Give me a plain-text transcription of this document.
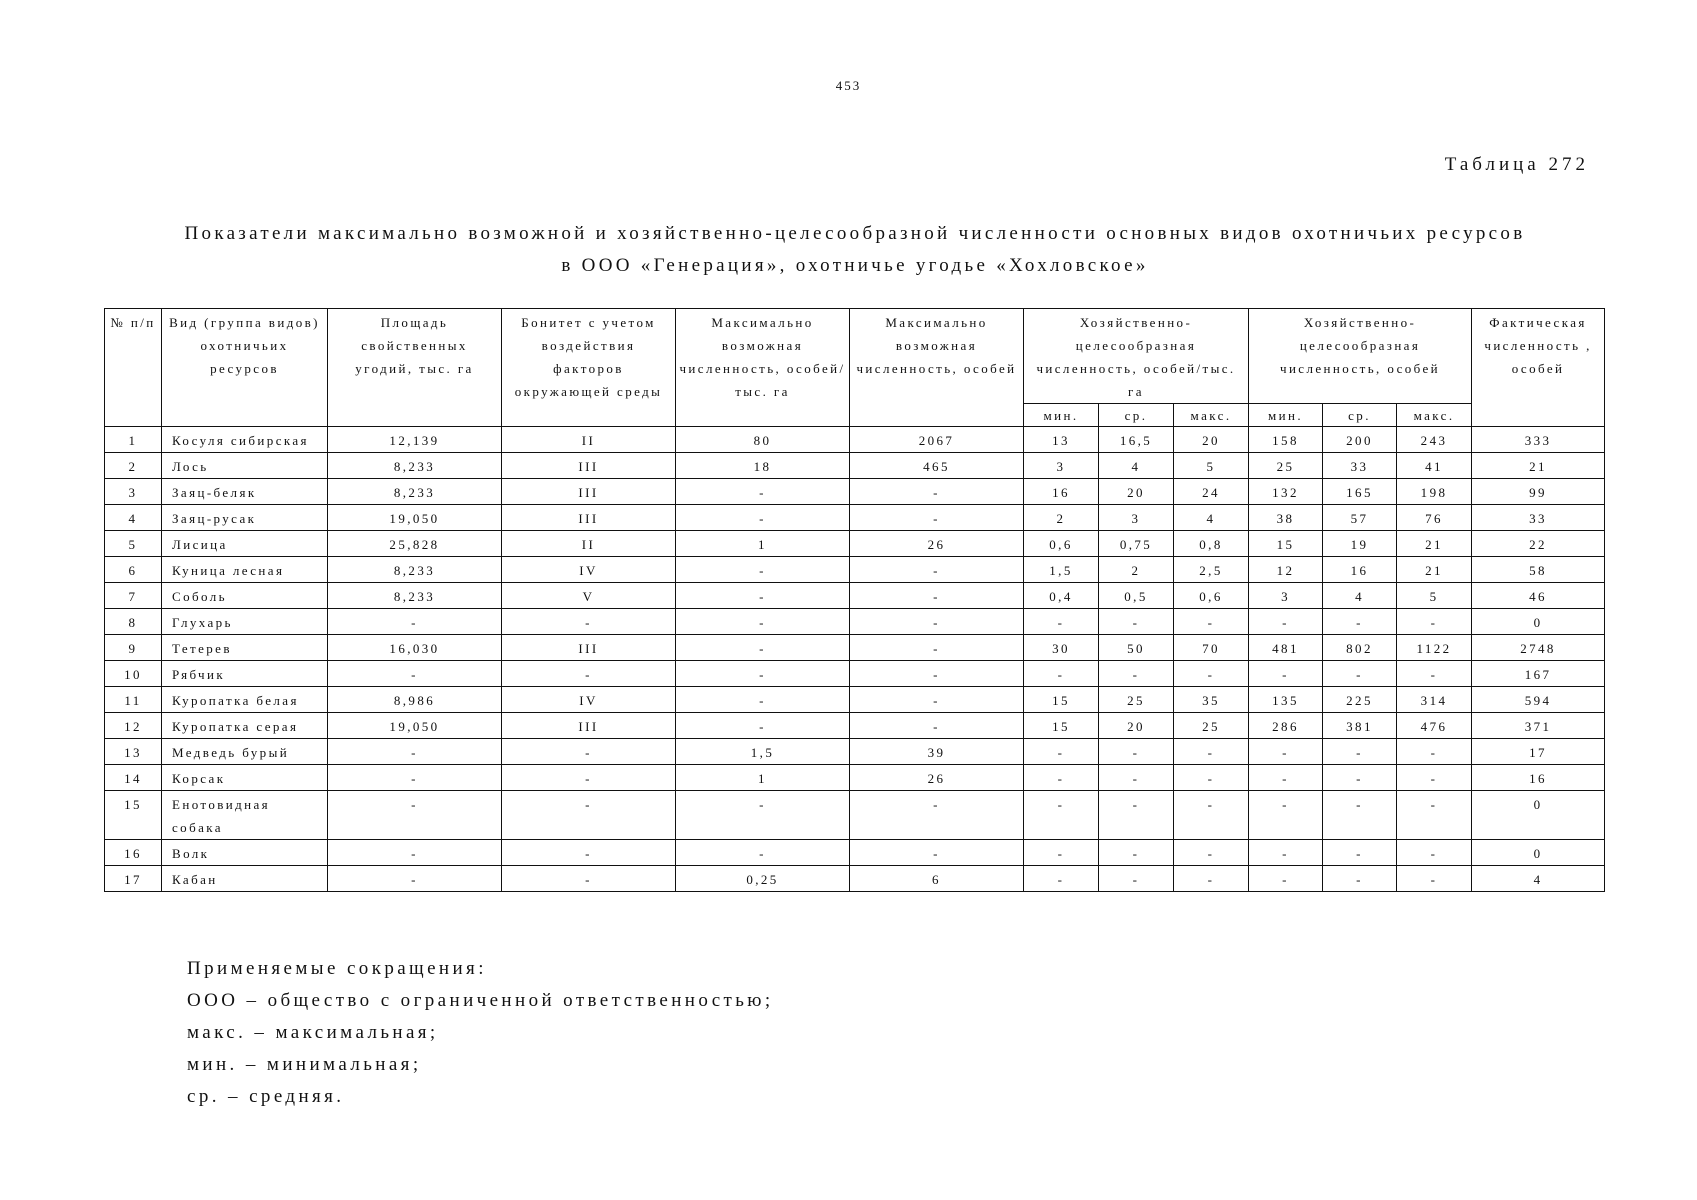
453
Таблица 272
Показатели максимально возможной и хозяйственно-целесообразной численности основных видов охотничьих ресурсов
в ООО «Генерация», охотничье угодье «Хохловское»
№ п/п	Вид (группа видов) охотничьих ресурсов	Площадь свойственных угодий, тыс. га	Бонитет с учетом воздействия факторов окружающей среды	Максимально возможная численность, особей/тыс. га	Максимально возможная численность, особей	Хозяйственно-целесообразная численность, особей/тыс. га			Хозяйственно-целесообразная численность, особей			Фактическая численность , особей
						мин.	ср.	макс.	мин.	ср.	макс.	
1	Косуля сибирская	12,139	II	80	2067	13	16,5	20	158	200	243	333
2	Лось	8,233	III	18	465	3	4	5	25	33	41	21
3	Заяц-беляк	8,233	III	-	-	16	20	24	132	165	198	99
4	Заяц-русак	19,050	III	-	-	2	3	4	38	57	76	33
5	Лисица	25,828	II	1	26	0,6	0,75	0,8	15	19	21	22
6	Куница лесная	8,233	IV	-	-	1,5	2	2,5	12	16	21	58
7	Соболь	8,233	V	-	-	0,4	0,5	0,6	3	4	5	46
8	Глухарь	-	-	-	-	-	-	-	-	-	-	0
9	Тетерев	16,030	III	-	-	30	50	70	481	802	1122	2748
10	Рябчик	-	-	-	-	-	-	-	-	-	-	167
11	Куропатка белая	8,986	IV	-	-	15	25	35	135	225	314	594
12	Куропатка серая	19,050	III	-	-	15	20	25	286	381	476	371
13	Медведь бурый	-	-	1,5	39	-	-	-	-	-	-	17
14	Корсак	-	-	1	26	-	-	-	-	-	-	16
15	Енотовидная собака	-	-	-	-	-	-	-	-	-	-	0
16	Волк	-	-	-	-	-	-	-	-	-	-	0
17	Кабан	-	-	0,25	6	-	-	-	-	-	-	4
Применяемые сокращения:
ООО – общество с ограниченной ответственностью;
макс. – максимальная;
мин. – минимальная;
ср. – средняя.
